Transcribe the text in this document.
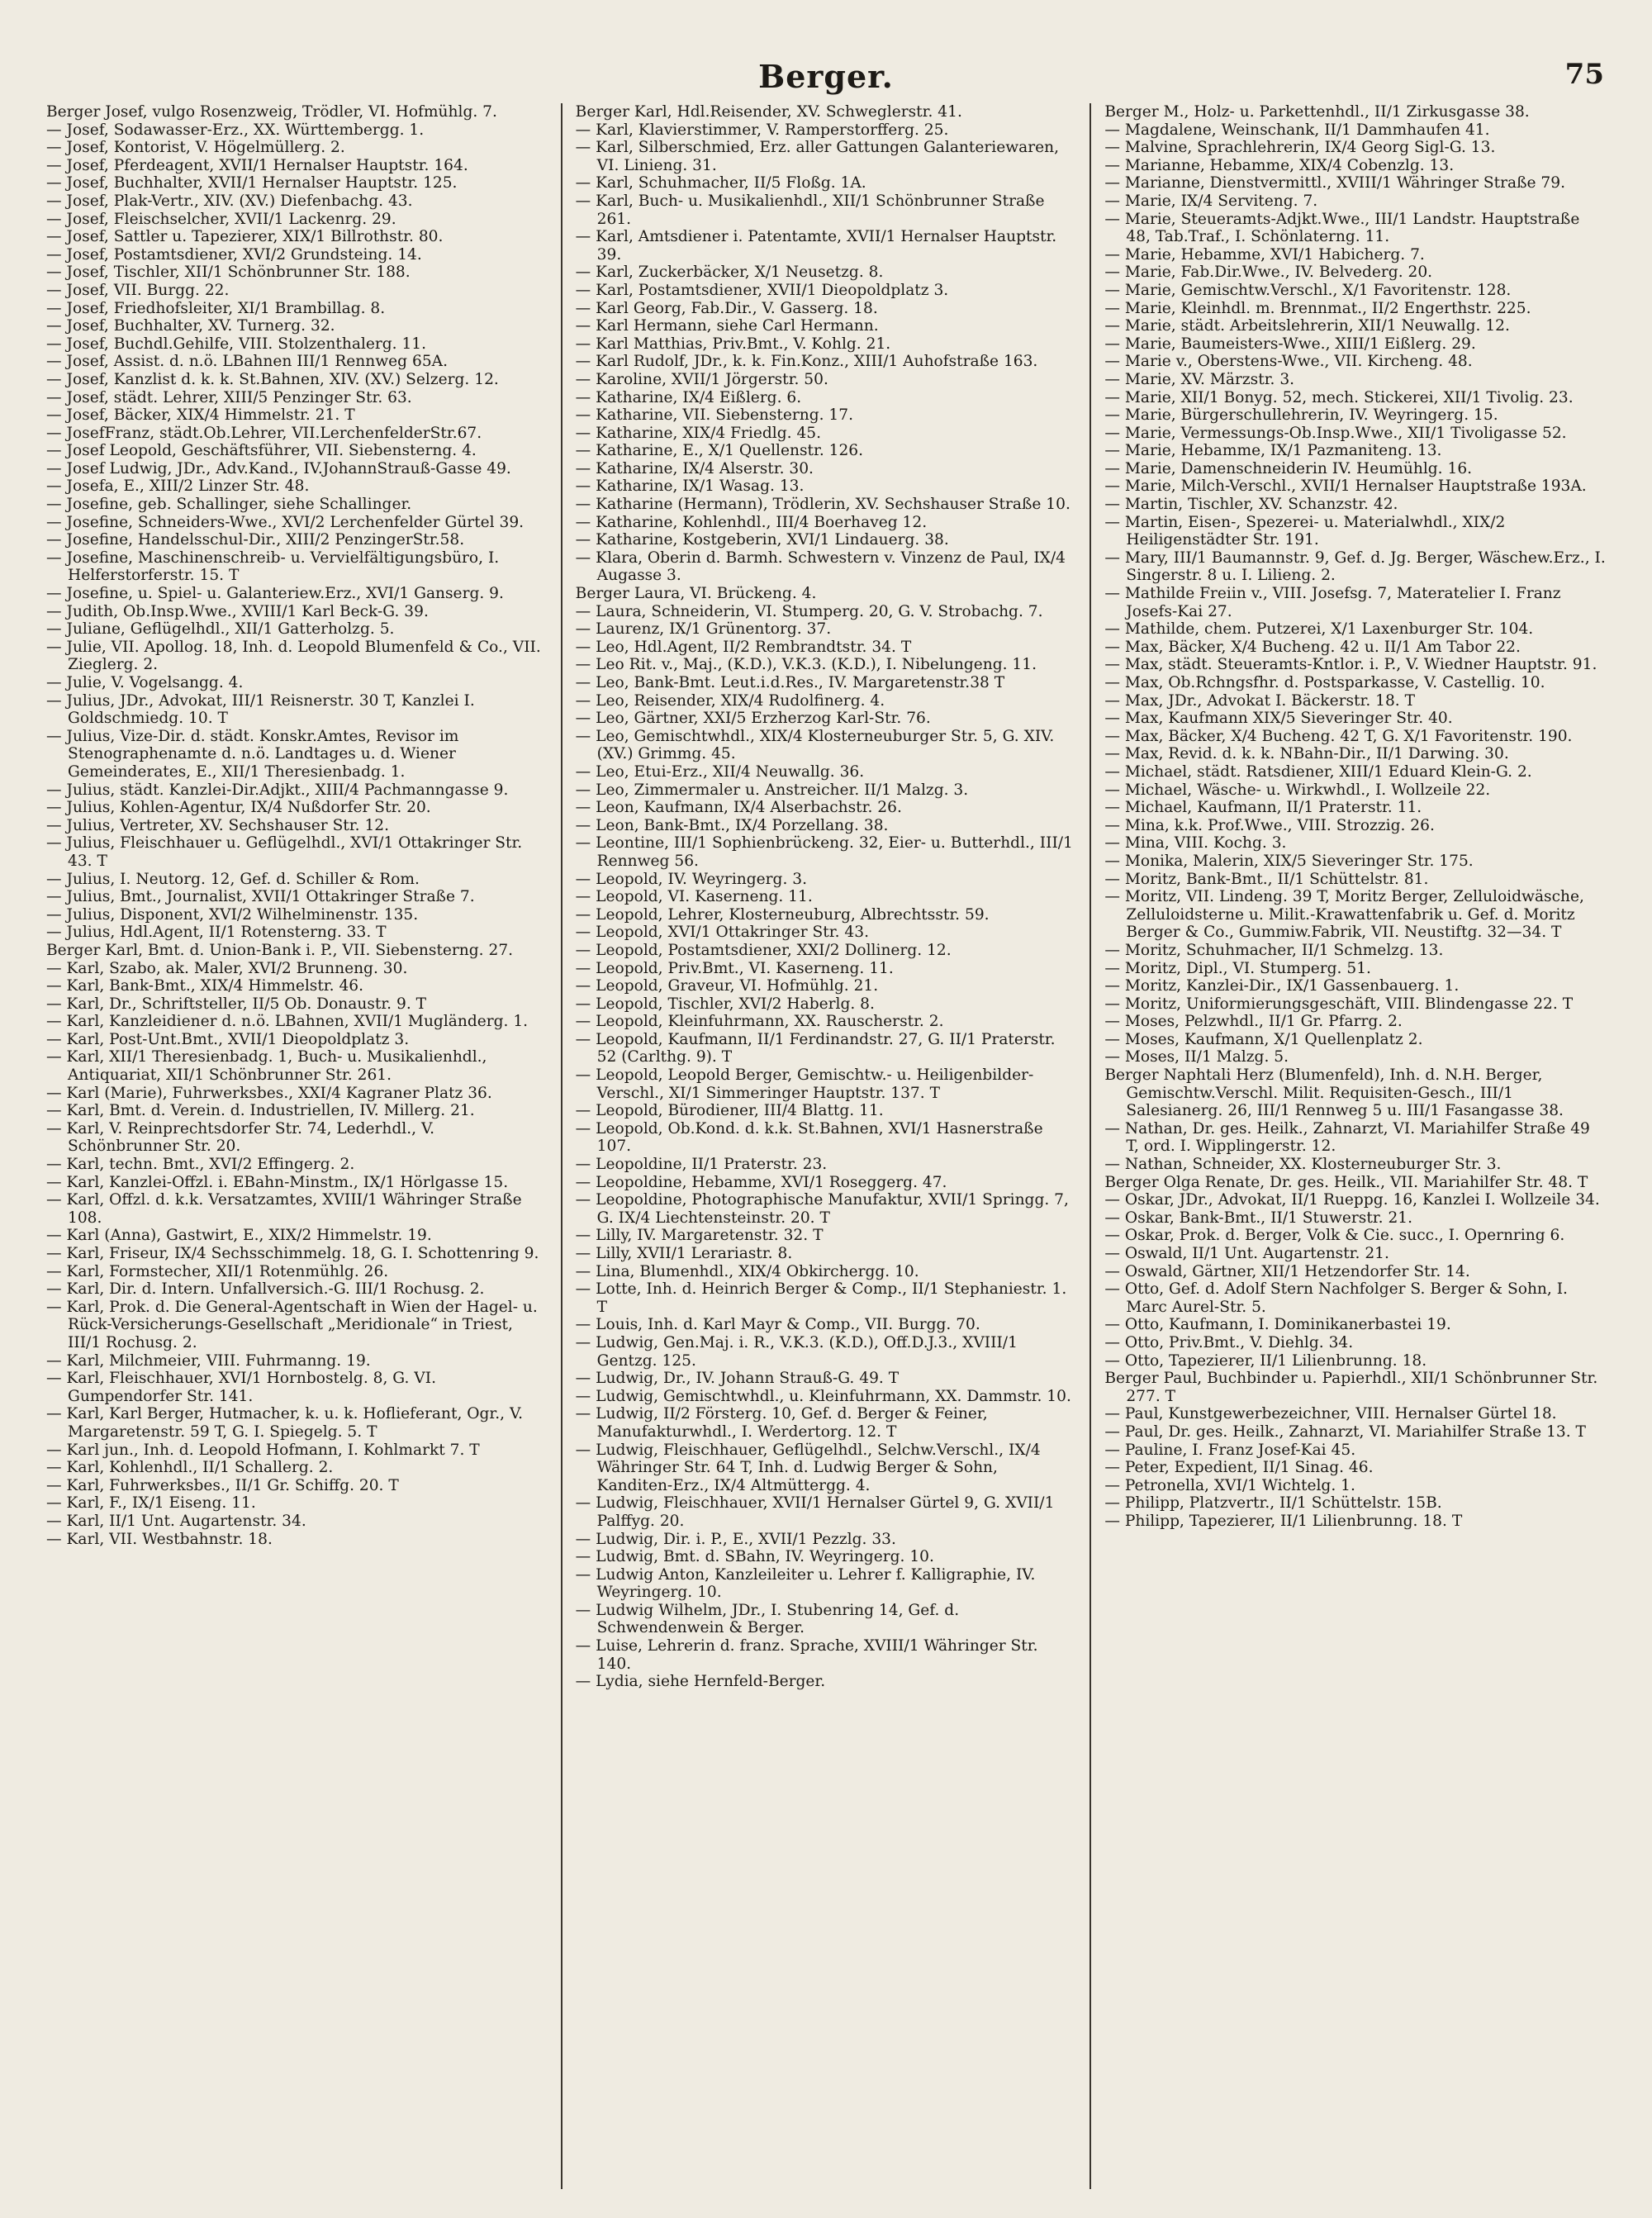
Berger.	75

Berger Josef, vulgo Rosenzweig, Trödler, VI. Hofmühlg. 7.

— Josef, Sodawasser-Erz., XX. Württembergg. 1.

— Josef, Kontorist, V. Högelmüllerg. 2.

— Josef, Pferdeagent, XVII/1 Hernalser Hauptstr. 164.

— Josef, Buchhalter, XVII/1 Hernalser Hauptstr. 125.

— Josef, Plak-Vertr., XIV. (XV.) Diefenbachg. 43.

— Josef, Fleischselcher, XVII/1 Lackenrg. 29.

— Josef, Sattler u. Tapezierer, XIX/1 Billrothstr. 80.

— Josef, Postamtsdiener, XVI/2 Grundsteing. 14.

— Josef, Tischler, XII/1 Schönbrunner Str. 188.

— Josef, VII. Burgg. 22.

— Josef, Friedhofsleiter, XI/1 Brambillag. 8.

— Josef, Buchhalter, XV. Turnerg. 32.

— Josef, Buchdl.Gehilfe, VIII. Stolzenthalerg. 11.

— Josef, Assist. d. n.ö. LBahnen III/1 Rennweg 65A.

— Josef, Kanzlist d. k. k. St.Bahnen, XIV. (XV.) Selzerg. 12.

— Josef, städt. Lehrer, XIII/5 Penzinger Str. 63.

— Josef, Bäcker, XIX/4 Himmelstr. 21. T

— JosefFranz, städt.Ob.Lehrer, VII.LerchenfelderStr.67.

— Josef Leopold, Geschäftsführer, VII. Siebensterng. 4.

— Josef Ludwig, JDr., Adv.Kand., IV.JohannStrauß-Gasse 49.

— Josefa, E., XIII/2 Linzer Str. 48.

— Josefine, geb. Schallinger, siehe Schallinger.

— Josefine, Schneiders-Wwe., XVI/2 Lerchenfelder Gürtel 39.

— Josefine, Handelsschul-Dir., XIII/2 PenzingerStr.58.

— Josefine, Maschinenschreib- u. Vervielfältigungsbüro, I. Helferstorferstr. 15. T

— Josefine, u. Spiel- u. Galanteriew.Erz., XVI/1 Ganserg. 9.

— Judith, Ob.Insp.Wwe., XVIII/1 Karl Beck-G. 39.

— Juliane, Geflügelhdl., XII/1 Gatterholzg. 5.

— Julie, VII. Apollog. 18, Inh. d. Leopold Blumenfeld & Co., VII. Zieglerg. 2.

— Julie, V. Vogelsangg. 4.

— Julius, JDr., Advokat, III/1 Reisnerstr. 30 T, Kanzlei I. Goldschmiedg. 10. T

— Julius, Vize-Dir. d. städt. Konskr.Amtes, Revisor im Stenographenamte d. n.ö. Landtages u. d. Wiener Gemeinderates, E., XII/1 Theresienbadg. 1.

— Julius, städt. Kanzlei-Dir.Adjkt., XIII/4 Pachmanngasse 9.

— Julius, Kohlen-Agentur, IX/4 Nußdorfer Str. 20.

— Julius, Vertreter, XV. Sechshauser Str. 12.

— Julius, Fleischhauer u. Geflügelhdl., XVI/1 Ottakringer Str. 43. T

— Julius, I. Neutorg. 12, Gef. d. Schiller & Rom.

— Julius, Bmt., Journalist, XVII/1 Ottakringer Straße 7.

— Julius, Disponent, XVI/2 Wilhelminenstr. 135.

— Julius, Hdl.Agent, II/1 Rotensterng. 33. T

Berger Karl, Bmt. d. Union-Bank i. P., VII. Siebensterng. 27.

— Karl, Szabo, ak. Maler, XVI/2 Brunneng. 30.

— Karl, Bank-Bmt., XIX/4 Himmelstr. 46.

— Karl, Dr., Schriftsteller, II/5 Ob. Donaustr. 9. T

— Karl, Kanzleidiener d. n.ö. LBahnen, XVII/1 Mugländerg. 1.

— Karl, Post-Unt.Bmt., XVII/1 Dieopoldplatz 3.

— Karl, XII/1 Theresienbadg. 1, Buch- u. Musikalienhdl., Antiquariat, XII/1 Schönbrunner Str. 261.

— Karl (Marie), Fuhrwerksbes., XXI/4 Kagraner Platz 36.

— Karl, Bmt. d. Verein. d. Industriellen, IV. Millerg. 21.

— Karl, V. Reinprechtsdorfer Str. 74, Lederhdl., V. Schönbrunner Str. 20.

— Karl, techn. Bmt., XVI/2 Effingerg. 2.

— Karl, Kanzlei-Offzl. i. EBahn-Minstm., IX/1 Hörlgasse 15.

— Karl, Offzl. d. k.k. Versatzamtes, XVIII/1 Währinger Straße 108.

— Karl (Anna), Gastwirt, E., XIX/2 Himmelstr. 19.

— Karl, Friseur, IX/4 Sechsschimmelg. 18, G. I. Schottenring 9.

— Karl, Formstecher, XII/1 Rotenmühlg. 26.

— Karl, Dir. d. Intern. Unfallversich.-G. III/1 Rochusg. 2.

— Karl, Prok. d. Die General-Agentschaft in Wien der Hagel- u. Rück-Versicherungs-Gesellschaft „Meridionale“ in Triest, III/1 Rochusg. 2.

— Karl, Milchmeier, VIII. Fuhrmanng. 19.

— Karl, Fleischhauer, XVI/1 Hornbostelg. 8, G. VI. Gumpendorfer Str. 141.

— Karl, Karl Berger, Hutmacher, k. u. k. Hoflieferant, Ogr., V. Margaretenstr. 59 T, G. I. Spiegelg. 5. T

— Karl jun., Inh. d. Leopold Hofmann, I. Kohlmarkt 7. T

— Karl, Kohlenhdl., II/1 Schallerg. 2.

— Karl, Fuhrwerksbes., II/1 Gr. Schiffg. 20. T

— Karl, F., IX/1 Eiseng. 11.

— Karl, II/1 Unt. Augartenstr. 34.

— Karl, VII. Westbahnstr. 18.

Berger Karl, Hdl.Reisender, XV. Schweglerstr. 41.

— Karl, Klavierstimmer, V. Ramperstorfferg. 25.

— Karl, Silberschmied, Erz. aller Gattungen Galanteriewaren, VI. Linieng. 31.

— Karl, Schuhmacher, II/5 Floßg. 1A.

— Karl, Buch- u. Musikalienhdl., XII/1 Schönbrunner Straße 261.

— Karl, Amtsdiener i. Patentamte, XVII/1 Hernalser Hauptstr. 39.

— Karl, Zuckerbäcker, X/1 Neusetzg. 8.

— Karl, Postamtsdiener, XVII/1 Dieopoldplatz 3.

— Karl Georg, Fab.Dir., V. Gasserg. 18.

— Karl Hermann, siehe Carl Hermann.

— Karl Matthias, Priv.Bmt., V. Kohlg. 21.

— Karl Rudolf, JDr., k. k. Fin.Konz., XIII/1 Auhofstraße 163.

— Karoline, XVII/1 Jörgerstr. 50.

— Katharine, IX/4 Eißlerg. 6.

— Katharine, VII. Siebensterng. 17.

— Katharine, XIX/4 Friedlg. 45.

— Katharine, E., X/1 Quellenstr. 126.

— Katharine, IX/4 Alserstr. 30.

— Katharine, IX/1 Wasag. 13.

— Katharine (Hermann), Trödlerin, XV. Sechshauser Straße 10.

— Katharine, Kohlenhdl., III/4 Boerhaveg 12.

— Katharine, Kostgeberin, XVI/1 Lindauerg. 38.

— Klara, Oberin d. Barmh. Schwestern v. Vinzenz de Paul, IX/4 Augasse 3.

Berger Laura, VI. Brückeng. 4.

— Laura, Schneiderin, VI. Stumperg. 20, G. V. Strobachg. 7.

— Laurenz, IX/1 Grünentorg. 37.

— Leo, Hdl.Agent, II/2 Rembrandtstr. 34. T

— Leo Rit. v., Maj., (K.D.), V.K.3. (K.D.), I. Nibelungeng. 11.

— Leo, Bank-Bmt. Leut.i.d.Res., IV. Margaretenstr.38 T

— Leo, Reisender, XIX/4 Rudolfinerg. 4.

— Leo, Gärtner, XXI/5 Erzherzog Karl-Str. 76.

— Leo, Gemischtwhdl., XIX/4 Klosterneuburger Str. 5, G. XIV. (XV.) Grimmg. 45.

— Leo, Etui-Erz., XII/4 Neuwallg. 36.

— Leo, Zimmermaler u. Anstreicher. II/1 Malzg. 3.

— Leon, Kaufmann, IX/4 Alserbachstr. 26.

— Leon, Bank-Bmt., IX/4 Porzellang. 38.

— Leontine, III/1 Sophienbrückeng. 32, Eier- u. Butterhdl., III/1 Rennweg 56.

— Leopold, IV. Weyringerg. 3.

— Leopold, VI. Kaserneng. 11.

— Leopold, Lehrer, Klosterneuburg, Albrechtsstr. 59.

— Leopold, XVI/1 Ottakringer Str. 43.

— Leopold, Postamtsdiener, XXI/2 Dollinerg. 12.

— Leopold, Priv.Bmt., VI. Kaserneng. 11.

— Leopold, Graveur, VI. Hofmühlg. 21.

— Leopold, Tischler, XVI/2 Haberlg. 8.

— Leopold, Kleinfuhrmann, XX. Rauscherstr. 2.

— Leopold, Kaufmann, II/1 Ferdinandstr. 27, G. II/1 Praterstr. 52 (Carlthg. 9). T

— Leopold, Leopold Berger, Gemischtw.- u. Heiligenbilder-Verschl., XI/1 Simmeringer Hauptstr. 137. T

— Leopold, Bürodiener, III/4 Blattg. 11.

— Leopold, Ob.Kond. d. k.k. St.Bahnen, XVI/1 Hasnerstraße 107.

— Leopoldine, II/1 Praterstr. 23.

— Leopoldine, Hebamme, XVI/1 Roseggerg. 47.

— Leopoldine, Photographische Manufaktur, XVII/1 Springg. 7, G. IX/4 Liechtensteinstr. 20. T

— Lilly, IV. Margaretenstr. 32. T

— Lilly, XVII/1 Lerariastr. 8.

— Lina, Blumenhdl., XIX/4 Obkirchergg. 10.

— Lotte, Inh. d. Heinrich Berger & Comp., II/1 Stephaniestr. 1. T

— Louis, Inh. d. Karl Mayr & Comp., VII. Burgg. 70.

— Ludwig, Gen.Maj. i. R., V.K.3. (K.D.), Off.D.J.3., XVIII/1 Gentzg. 125.

— Ludwig, Dr., IV. Johann Strauß-G. 49. T

— Ludwig, Gemischtwhdl., u. Kleinfuhrmann, XX. Dammstr. 10.

— Ludwig, II/2 Försterg. 10, Gef. d. Berger & Feiner, Manufakturwhdl., I. Werdertorg. 12. T

— Ludwig, Fleischhauer, Geflügelhdl., Selchw.Verschl., IX/4 Währinger Str. 64 T, Inh. d. Ludwig Berger & Sohn, Kanditen-Erz., IX/4 Altmüttergg. 4.

— Ludwig, Fleischhauer, XVII/1 Hernalser Gürtel 9, G. XVII/1 Palffyg. 20.

— Ludwig, Dir. i. P., E., XVII/1 Pezzlg. 33.

— Ludwig, Bmt. d. SBahn, IV. Weyringerg. 10.

— Ludwig Anton, Kanzleileiter u. Lehrer f. Kalligraphie, IV. Weyringerg. 10.

— Ludwig Wilhelm, JDr., I. Stubenring 14, Gef. d. Schwendenwein & Berger.

— Luise, Lehrerin d. franz. Sprache, XVIII/1 Währinger Str. 140.

— Lydia, siehe Hernfeld-Berger.

Berger M., Holz- u. Parkettenhdl., II/1 Zirkusgasse 38.

— Magdalene, Weinschank, II/1 Dammhaufen 41.

— Malvine, Sprachlehrerin, IX/4 Georg Sigl-G. 13.

— Marianne, Hebamme, XIX/4 Cobenzlg. 13.

— Marianne, Dienstvermittl., XVIII/1 Währinger Straße 79.

— Marie, IX/4 Serviteng. 7.

— Marie, Steueramts-Adjkt.Wwe., III/1 Landstr. Hauptstraße 48, Tab.Traf., I. Schönlaterng. 11.

— Marie, Hebamme, XVI/1 Habicherg. 7.

— Marie, Fab.Dir.Wwe., IV. Belvederg. 20.

— Marie, Gemischtw.Verschl., X/1 Favoritenstr. 128.

— Marie, Kleinhdl. m. Brennmat., II/2 Engerthstr. 225.

— Marie, städt. Arbeitslehrerin, XII/1 Neuwallg. 12.

— Marie, Baumeisters-Wwe., XIII/1 Eißlerg. 29.

— Marie v., Oberstens-Wwe., VII. Kircheng. 48.

— Marie, XV. Märzstr. 3.

— Marie, XII/1 Bonyg. 52, mech. Stickerei, XII/1 Tivolig. 23.

— Marie, Bürgerschullehrerin, IV. Weyringerg. 15.

— Marie, Vermessungs-Ob.Insp.Wwe., XII/1 Tivoligasse 52.

— Marie, Hebamme, IX/1 Pazmaniteng. 13.

— Marie, Damenschneiderin IV. Heumühlg. 16.

— Marie, Milch-Verschl., XVII/1 Hernalser Hauptstraße 193A.

— Martin, Tischler, XV. Schanzstr. 42.

— Martin, Eisen-, Spezerei- u. Materialwhdl., XIX/2 Heiligenstädter Str. 191.

— Mary, III/1 Baumannstr. 9, Gef. d. Jg. Berger, Wäschew.Erz., I. Singerstr. 8 u. I. Lilieng. 2.

— Mathilde Freiin v., VIII. Josefsg. 7, Materatelier I. Franz Josefs-Kai 27.

— Mathilde, chem. Putzerei, X/1 Laxenburger Str. 104.

— Max, Bäcker, X/4 Bucheng. 42 u. II/1 Am Tabor 22.

— Max, städt. Steueramts-Kntlor. i. P., V. Wiedner Hauptstr. 91.

— Max, Ob.Rchngsfhr. d. Postsparkasse, V. Castellig. 10.

— Max, JDr., Advokat I. Bäckerstr. 18. T

— Max, Kaufmann XIX/5 Sieveringer Str. 40.

— Max, Bäcker, X/4 Bucheng. 42 T, G. X/1 Favoritenstr. 190.

— Max, Revid. d. k. k. NBahn-Dir., II/1 Darwing. 30.

— Michael, städt. Ratsdiener, XIII/1 Eduard Klein-G. 2.

— Michael, Wäsche- u. Wirkwhdl., I. Wollzeile 22.

— Michael, Kaufmann, II/1 Praterstr. 11.

— Mina, k.k. Prof.Wwe., VIII. Strozzig. 26.

— Mina, VIII. Kochg. 3.

— Monika, Malerin, XIX/5 Sieveringer Str. 175.

— Moritz, Bank-Bmt., II/1 Schüttelstr. 81.

— Moritz, VII. Lindeng. 39 T, Moritz Berger, Zelluloidwäsche, Zelluloidsterne u. Milit.-Krawattenfabrik u. Gef. d. Moritz Berger & Co., Gummiw.Fabrik, VII. Neustiftg. 32—34. T

— Moritz, Schuhmacher, II/1 Schmelzg. 13.

— Moritz, Dipl., VI. Stumperg. 51.

— Moritz, Kanzlei-Dir., IX/1 Gassenbauerg. 1.

— Moritz, Uniformierungsgeschäft, VIII. Blindengasse 22. T

— Moses, Pelzwhdl., II/1 Gr. Pfarrg. 2.

— Moses, Kaufmann, X/1 Quellenplatz 2.

— Moses, II/1 Malzg. 5.

Berger Naphtali Herz (Blumenfeld), Inh. d. N.H. Berger, Gemischtw.Verschl. Milit. Requisiten-Gesch., III/1 Salesianerg. 26, III/1 Rennweg 5 u. III/1 Fasangasse 38.

— Nathan, Dr. ges. Heilk., Zahnarzt, VI. Mariahilfer Straße 49 T, ord. I. Wipplingerstr. 12.

— Nathan, Schneider, XX. Klosterneuburger Str. 3.

Berger Olga Renate, Dr. ges. Heilk., VII. Mariahilfer Str. 48. T

— Oskar, JDr., Advokat, II/1 Rueppg. 16, Kanzlei I. Wollzeile 34.

— Oskar, Bank-Bmt., II/1 Stuwerstr. 21.

— Oskar, Prok. d. Berger, Volk & Cie. succ., I. Opernring 6.

— Oswald, II/1 Unt. Augartenstr. 21.

— Oswald, Gärtner, XII/1 Hetzendorfer Str. 14.

— Otto, Gef. d. Adolf Stern Nachfolger S. Berger & Sohn, I. Marc Aurel-Str. 5.

— Otto, Kaufmann, I. Dominikanerbastei 19.

— Otto, Priv.Bmt., V. Diehlg. 34.

— Otto, Tapezierer, II/1 Lilienbrunng. 18.

Berger Paul, Buchbinder u. Papierhdl., XII/1 Schönbrunner Str. 277. T

— Paul, Kunstgewerbezeichner, VIII. Hernalser Gürtel 18.

— Paul, Dr. ges. Heilk., Zahnarzt, VI. Mariahilfer Straße 13. T

— Pauline, I. Franz Josef-Kai 45.

— Peter, Expedient, II/1 Sinag. 46.

— Petronella, XVI/1 Wichtelg. 1.

— Philipp, Platzvertr., II/1 Schüttelstr. 15B.

— Philipp, Tapezierer, II/1 Lilienbrunng. 18. T
